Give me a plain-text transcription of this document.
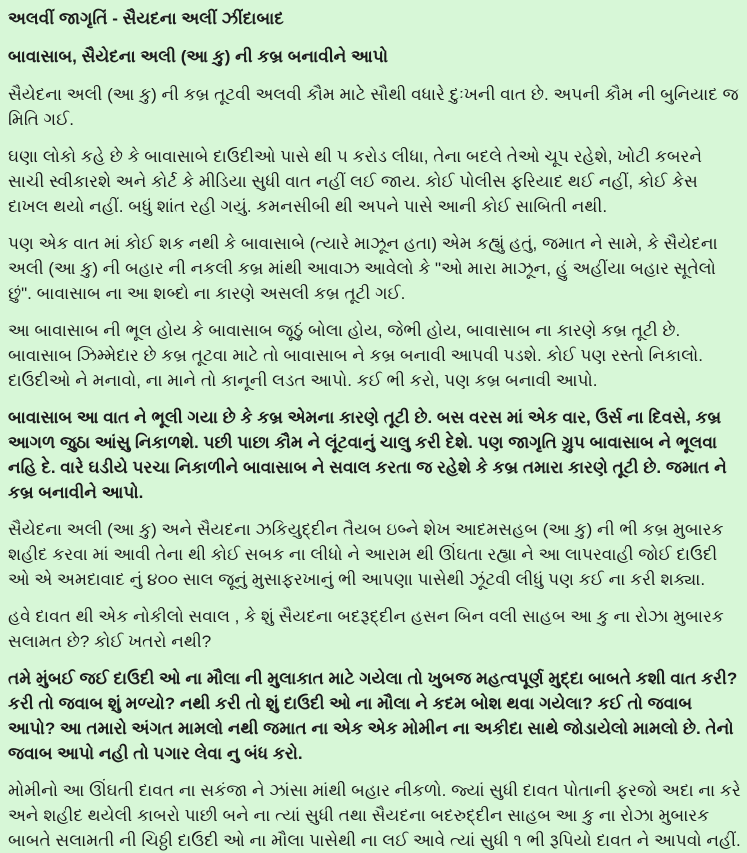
અલવીં જાગૃતિં - સૈયદના અલીં ઝીંદાબાદ
બાવાસાબ, સૈયેદના અલી (આ કુ) ની કબ્ર બનાવીને આપો

સૈયેદના અલી (આ કુ) ની કબ્ર તૂટવી અલવી કૌમ માટે સૌથી વધારે દુઃખની વાત છે. અપની કૌમ ની બુનિયાદ જ મિતિ ગઈ.

ઘણા લોકો કહે છે કે બાવાસાબે દાઉદીઓ પાસે થી ૫ કરોડ લીધા, તેના બદલે તેઓ ચૂપ રહેશે, ખોટી કબરને સાચી સ્વીકારશે અને કોર્ટ કે મીડિયા સુધી વાત નહીં લઈ જાય. કોઈ પોલીસ ફરિયાદ થઈ નહીં, કોઈ કેસ દાખલ થયો નહીં. બધું શાંત રહી ગયું. કમનસીબી થી અપને પાસે આની કોઈ સાબિતી નથી.

પણ એક વાત માં કોઈ શક નથી કે બાવાસાબે (ત્યારે માઝૂન હતા) એમ કહ્યું હતું, જમાત ને સામે, કે સૈયેદના અલી (આ કુ) ની બહાર ની નકલી કબ્ર માંથી આવાઝ આવેલો કે "ઓ મારા માઝૂન, હું અહીંયા બહાર સૂતેલો છું". બાવાસાબ ના આ શબ્દો ના કારણે અસલી કબ્ર તૂટી ગઈ.

આ બાવાસાબ ની ભૂલ હોય કે બાવાસાબ જૂઠું બોલા હોય, જેભી હોય, બાવાસાબ ના કારણે કબ્ર તૂટી છે. બાવાસાબ ઝિમ્મેદાર છે કબ્ર તૂટવા માટે તો બાવાસાબ ને કબ્ર બનાવી આપવી પડશે. કોઈ પણ રસ્તો નિકાલો. દાઉદીઓ ને મનાવો, ના માને તો કાનૂની લડત આપો. કઈ ભી કરો, પણ કબ્ર બનાવી આપો.

બાવાસાબ આ વાત ને ભૂલી ગયા છે કે કબ્ર એમના કારણે તૂટી છે. બસ વરસ માં એક વાર, ઉર્સ ના દિવસે, કબ્ર આગળ જુઠા આંસુ નિકાળશે. પછી પાછા કૌમ ને લૂંટવાનું ચાલુ કરી દેશે. પણ જાગૃતિ ગ્રુપ બાવાસાબ ને ભૂલવા નહિ દે. વારે ઘડીયે પરચા નિકાળીને બાવાસાબ ને સવાલ કરતા જ રહેશે કે કબ્ર તમારા કારણે તૂટી છે. જમાત ને કબ્ર બનાવીને આપો.

સૈયેદના અલી (આ કુ) અને સૈયદના ઝકિયુદ્દીન તૈયબ ઇબ્ને શેખ આદમસહબ (આ કુ) ની ભી કબ્ર મુબારક શહીદ કરવા માં આવી તેના થી કોઈ સબક ના લીધો ને આરામ થી ઊંઘતા રહ્યા ને આ લાપરવાહી જોઈ દાઉદી ઓ એ અમદાવાદ નું ૪૦૦ સાલ જૂનું મુસાફરખાનું ભી આપણા પાસેથી ઝૂંટવી લીધું પણ કઈ ના કરી શક્યા.

હવે દાવત થી એક નોકીલો સવાલ , કે શું સૈયદના બદરૂદ્દીન હસન બિન વલી સાહબ આ કુ ના રોઝા મુબારક સલામત છે? કોઈ ખતરો નથી?

તમે મુંબઈ જઈ દાઉદી ઓ ના મૌલા ની મુલાકાત માટે ગયેલા તો ખુબજ મહત્વપૂર્ણ મુદ્દા બાબતે કશી વાત કરી? કરી તો જવાબ શું મળ્યો? નથી કરી તો શું દાઉદી ઓ ના મૌલા ને કદમ બોશ થવા ગયેલા? કઈ તો જવાબ આપો? આ તમારો અંગત મામલો નથી જમાત ના એક એક મોમીન ના અકીદા સાથે જોડાયેલો મામલો છે. તેનો જવાબ આપો નહી તો પગાર લેવા નુ બંધ કરો.

મોમીનો આ ઊંઘતી દાવત ના સકંજા ને ઝાંસા માંથી બહાર નીકળો. જ્યાં સુધી દાવત પોતાની ફરજો અદા ના કરે અને શહીદ થયેલી કાબરો પાછી બને ના ત્યાં સુધી તથા સૈયદના બદરુદ્દીન સાહબ આ કુ ના રોઝા મુબારક બાબતે સલામતી ની ચિઠ્ઠી દાઉદી ઓ ના મૌલા પાસેથી ના લઈ આવે ત્યાં સુધી ૧ ભી રૂપિયો દાવત ને આપવો નહીં.
